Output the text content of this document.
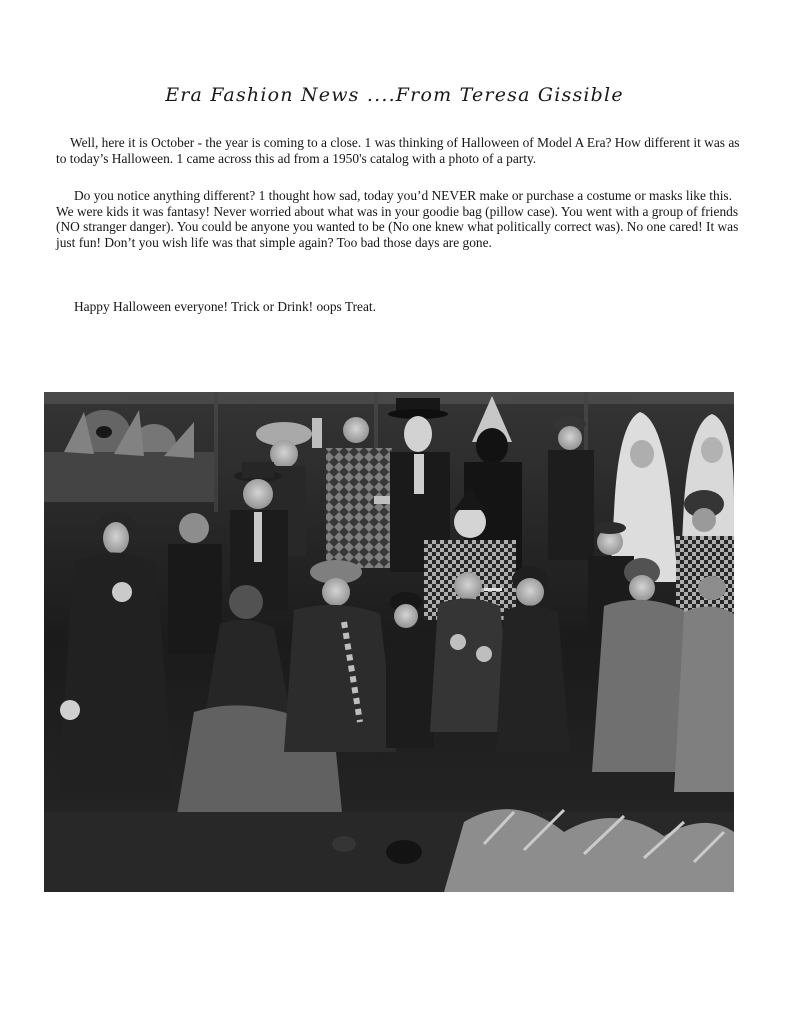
Era Fashion News ....From Teresa Gissible
Well, here it is October - the year is coming to a close. 1 was thinking of Halloween of Model A Era? How different it was as to today’s Halloween. 1 came across this ad from a 1950's catalog with a photo of a party.
Do you notice anything different? 1 thought how sad, today you’d NEVER make or purchase a costume or masks like this. We were kids it was fantasy! Never worried about what was in your goodie bag (pillow case). You went with a group of friends (NO stranger danger). You could be anyone you wanted to be (No one knew what politically correct was). No one cared! It was just fun! Don’t you wish life was that simple again? Too bad those days are gone.
Happy Halloween everyone! Trick or Drink! oops Treat.
